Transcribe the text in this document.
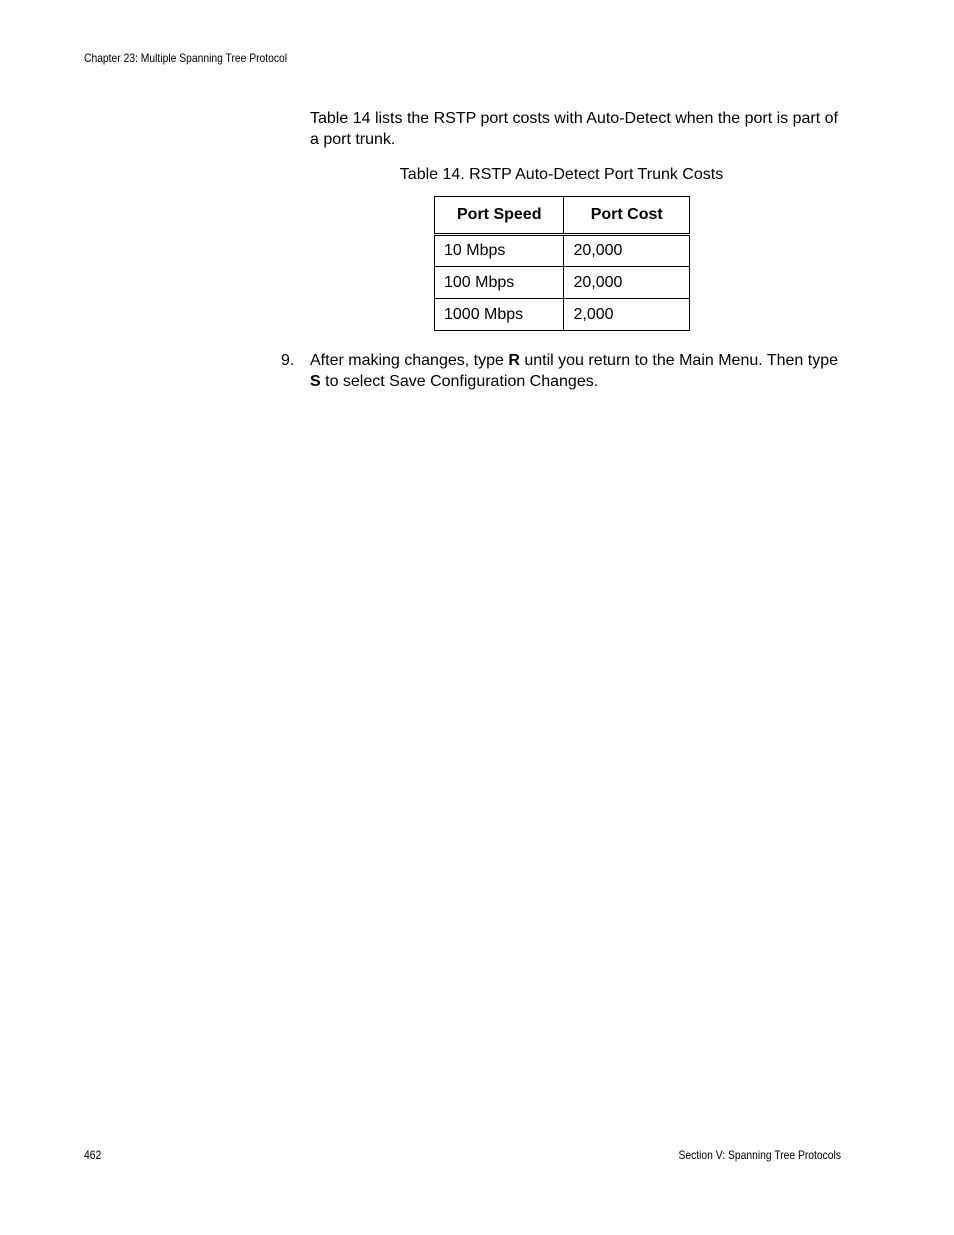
Chapter 23: Multiple Spanning Tree Protocol

Table 14 lists the RSTP port costs with Auto-Detect when the port is part of a port trunk.

Table 14. RSTP Auto-Detect Port Trunk Costs

Port Speed	Port Cost
10 Mbps	20,000
100 Mbps	20,000
1000 Mbps	2,000
9. After making changes, type R until you return to the Main Menu. Then type S to select Save Configuration Changes.
462	Section V: Spanning Tree Protocols
